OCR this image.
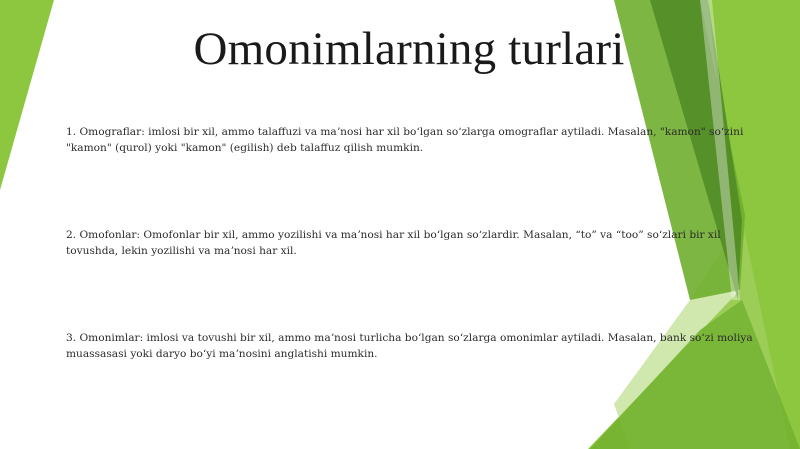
Omonimlarning turlari

1. Omograflar: imlosi bir xil, ammo talaffuzi va maʼnosi har xil boʻlgan soʻzlarga omograflar aytiladi. Masalan, "kamon" soʻzini "kamon" (qurol) yoki "kamon" (egilish) deb talaffuz qilish mumkin.

2. Omofonlar: Omofonlar bir xil, ammo yozilishi va maʼnosi har xil boʻlgan soʻzlardir. Masalan, “to” va “too” soʻzlari bir xil tovushda, lekin yozilishi va maʼnosi har xil.

3. Omonimlar: imlosi va tovushi bir xil, ammo maʼnosi turlicha boʻlgan soʻzlarga omonimlar aytiladi. Masalan, bank soʻzi moliya muassasasi yoki daryo boʻyi maʼnosini anglatishi mumkin.
